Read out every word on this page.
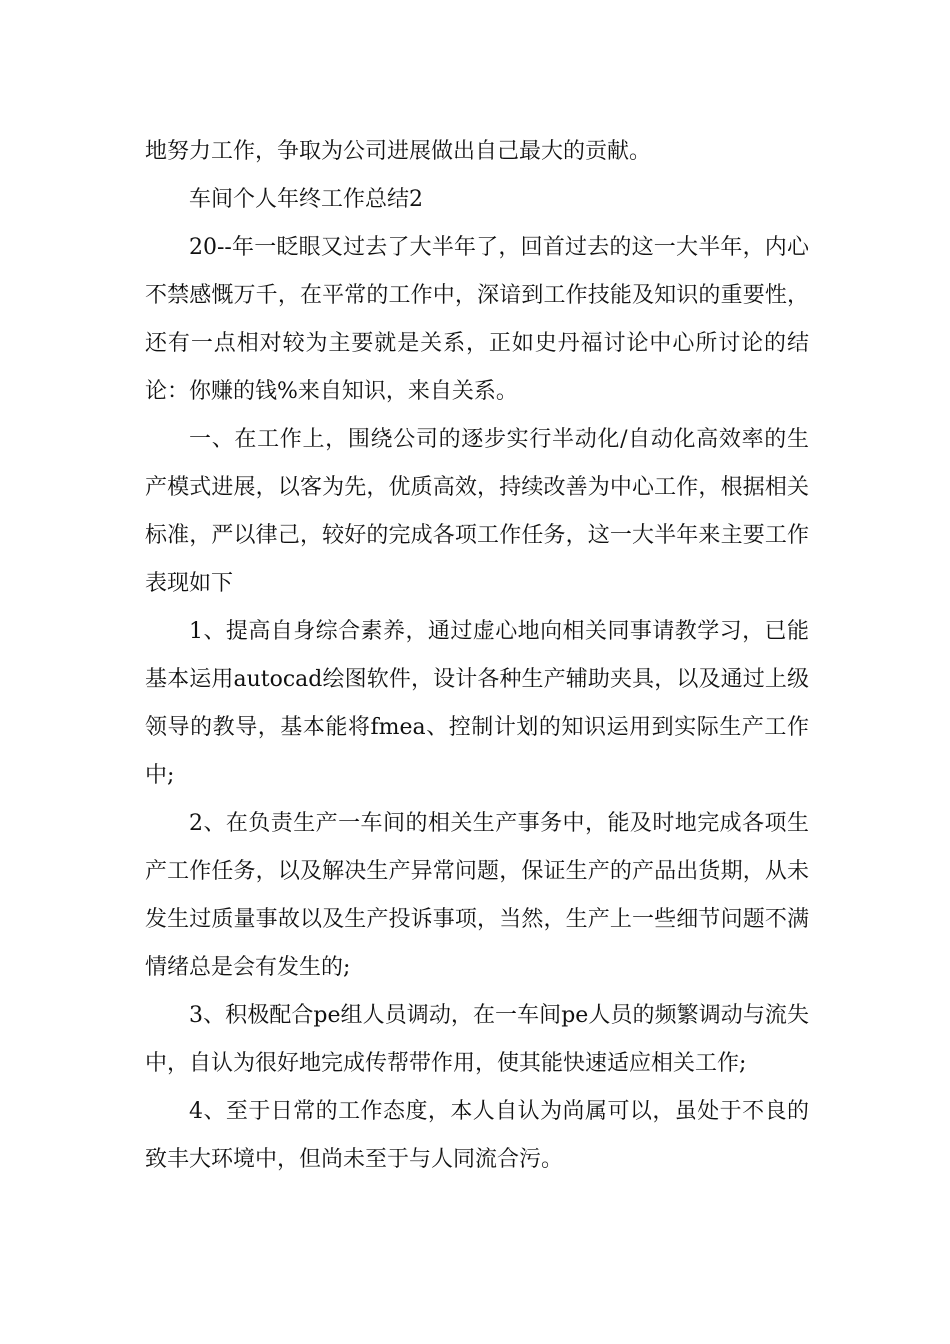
地努力工作，争取为公司进展做出自己最大的贡献。

车间个人年终工作总结2

20--年一眨眼又过去了大半年了，回首过去的这一大半年，内心不禁感慨万千，在平常的工作中，深谙到工作技能及知识的重要性，还有一点相对较为主要就是关系，正如史丹福讨论中心所讨论的结论：你赚的钱%来自知识，来自关系。

一、在工作上，围绕公司的逐步实行半动化/自动化高效率的生产模式进展，以客为先，优质高效，持续改善为中心工作，根据相关标准，严以律己，较好的完成各项工作任务，这一大半年来主要工作表现如下

1、提高自身综合素养，通过虚心地向相关同事请教学习，已能基本运用autocad绘图软件，设计各种生产辅助夹具，以及通过上级领导的教导，基本能将fmea、控制计划的知识运用到实际生产工作中;

2、在负责生产一车间的相关生产事务中，能及时地完成各项生产工作任务，以及解决生产异常问题，保证生产的产品出货期，从未发生过质量事故以及生产投诉事项，当然，生产上一些细节问题不满情绪总是会有发生的;

3、积极配合pe组人员调动，在一车间pe人员的频繁调动与流失中，自认为很好地完成传帮带作用，使其能快速适应相关工作;

4、至于日常的工作态度，本人自认为尚属可以，虽处于不良的致丰大环境中，但尚未至于与人同流合污。
